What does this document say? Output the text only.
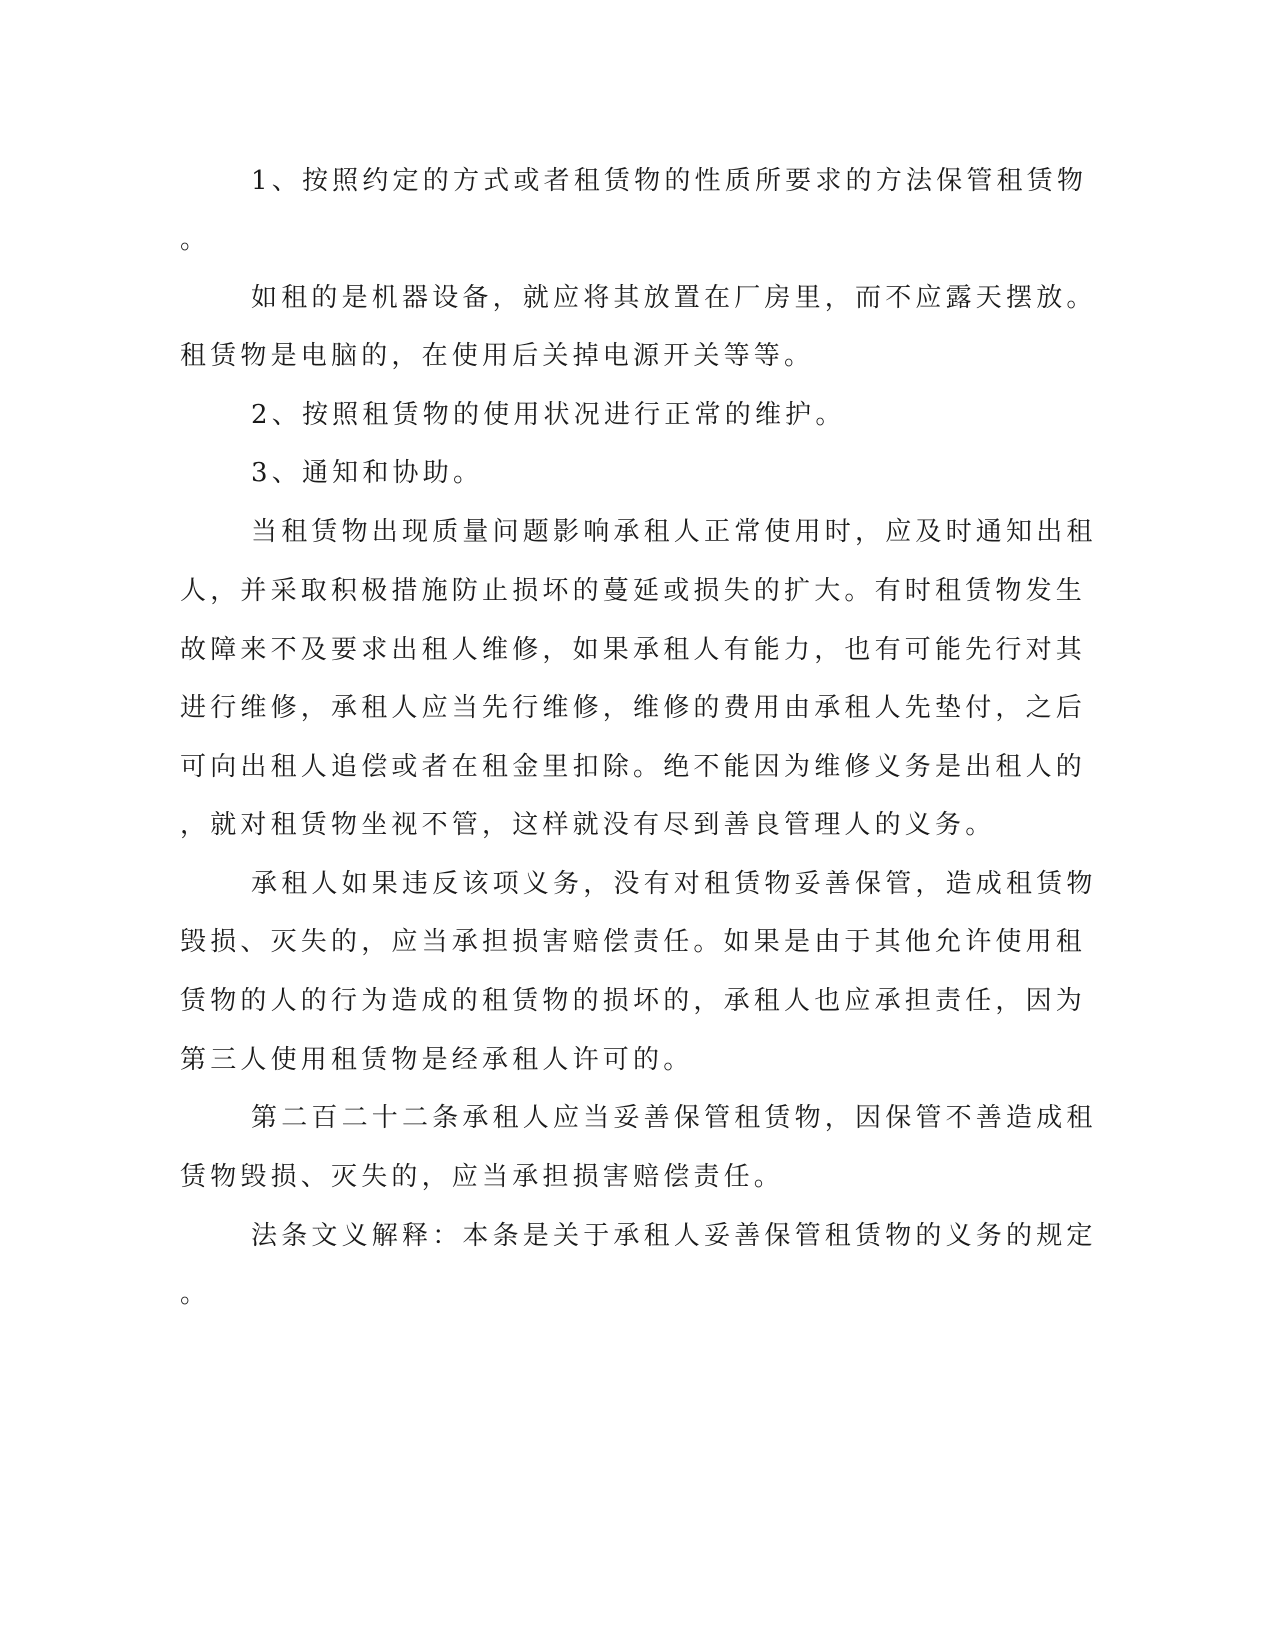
1、按照约定的方式或者租赁物的性质所要求的方法保管租赁物
。
如租的是机器设备，就应将其放置在厂房里，而不应露天摆放。
租赁物是电脑的，在使用后关掉电源开关等等。
2、按照租赁物的使用状况进行正常的维护。
3、通知和协助。
当租赁物出现质量问题影响承租人正常使用时，应及时通知出租
人，并采取积极措施防止损坏的蔓延或损失的扩大。有时租赁物发生
故障来不及要求出租人维修，如果承租人有能力，也有可能先行对其
进行维修，承租人应当先行维修，维修的费用由承租人先垫付，之后
可向出租人追偿或者在租金里扣除。绝不能因为维修义务是出租人的
，就对租赁物坐视不管，这样就没有尽到善良管理人的义务。
承租人如果违反该项义务，没有对租赁物妥善保管，造成租赁物
毁损、灭失的，应当承担损害赔偿责任。如果是由于其他允许使用租
赁物的人的行为造成的租赁物的损坏的，承租人也应承担责任，因为
第三人使用租赁物是经承租人许可的。
第二百二十二条承租人应当妥善保管租赁物，因保管不善造成租
赁物毁损、灭失的，应当承担损害赔偿责任。
法条文义解释：本条是关于承租人妥善保管租赁物的义务的规定
。
